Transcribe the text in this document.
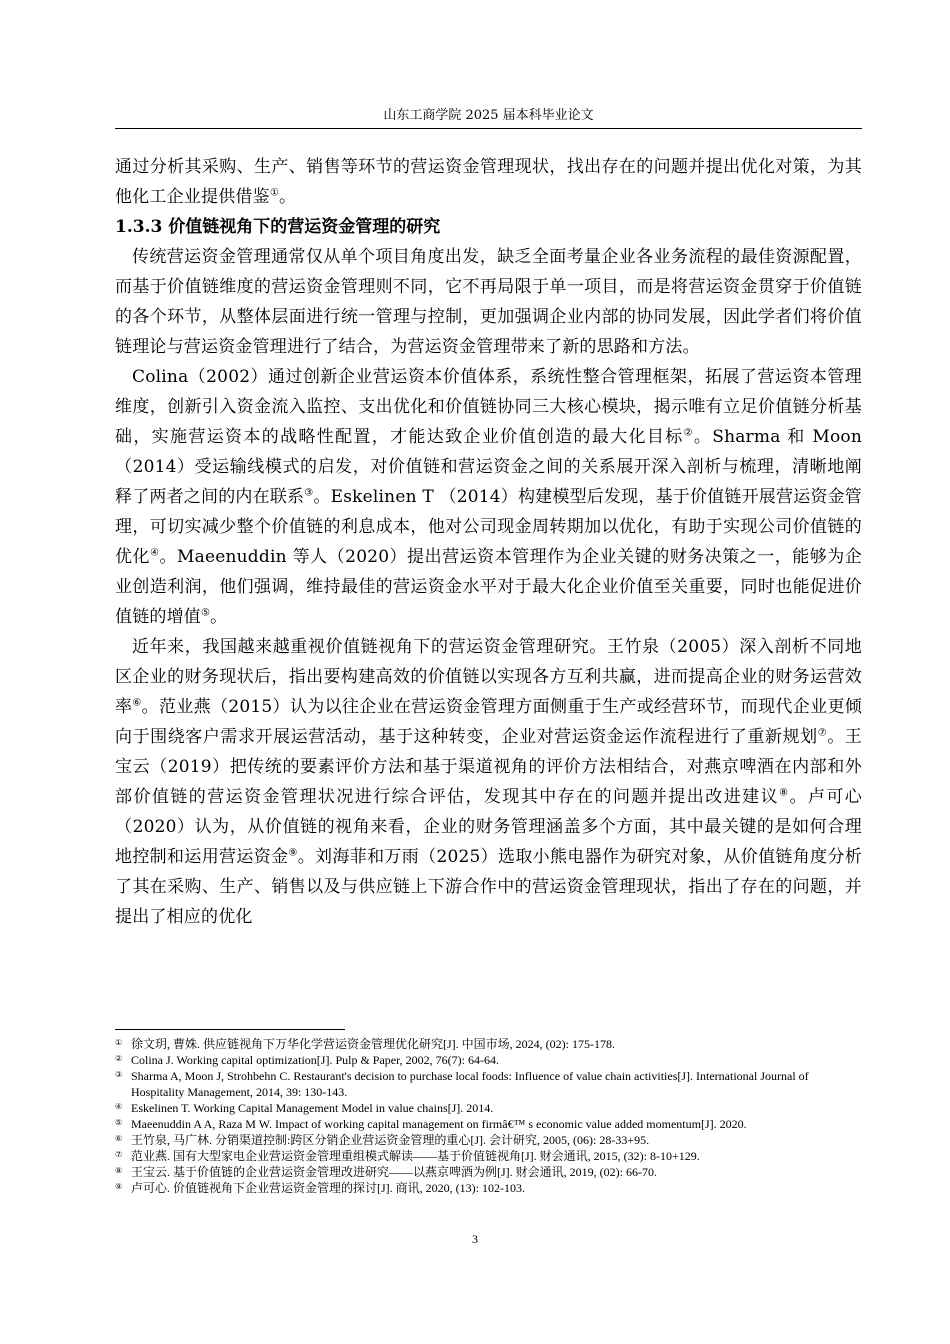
山东工商学院 2025 届本科毕业论文

通过分析其采购、生产、销售等环节的营运资金管理现状，找出存在的问题并提出优化对策，为其他化工企业提供借鉴①。

1.3.3 价值链视角下的营运资金管理的研究

传统营运资金管理通常仅从单个项目角度出发，缺乏全面考量企业各业务流程的最佳资源配置，而基于价值链维度的营运资金管理则不同，它不再局限于单一项目，而是将营运资金贯穿于价值链的各个环节，从整体层面进行统一管理与控制，更加强调企业内部的协同发展，因此学者们将价值链理论与营运资金管理进行了结合，为营运资金管理带来了新的思路和方法。

Colina（2002）通过创新企业营运资本价值体系，系统性整合管理框架，拓展了营运资本管理维度，创新引入资金流入监控、支出优化和价值链协同三大核心模块，揭示唯有立足价值链分析基础，实施营运资本的战略性配置，才能达致企业价值创造的最大化目标②。Sharma 和 Moon（2014）受运输线模式的启发，对价值链和营运资金之间的关系展开深入剖析与梳理，清晰地阐释了两者之间的内在联系③。Eskelinen T （2014）构建模型后发现，基于价值链开展营运资金管理，可切实减少整个价值链的利息成本，他对公司现金周转期加以优化，有助于实现公司价值链的优化④。Maeenuddin 等人（2020）提出营运资本管理作为企业关键的财务决策之一，能够为企业创造利润，他们强调，维持最佳的营运资金水平对于最大化企业价值至关重要，同时也能促进价值链的增值⑤。

近年来，我国越来越重视价值链视角下的营运资金管理研究。王竹泉（2005）深入剖析不同地区企业的财务现状后，指出要构建高效的价值链以实现各方互利共赢，进而提高企业的财务运营效率⑥。范业燕（2015）认为以往企业在营运资金管理方面侧重于生产或经营环节，而现代企业更倾向于围绕客户需求开展运营活动，基于这种转变，企业对营运资金运作流程进行了重新规划⑦。王宝云（2019）把传统的要素评价方法和基于渠道视角的评价方法相结合，对燕京啤酒在内部和外部价值链的营运资金管理状况进行综合评估，发现其中存在的问题并提出改进建议⑧。卢可心（2020）认为，从价值链的视角来看，企业的财务管理涵盖多个方面，其中最关键的是如何合理地控制和运用营运资金⑨。刘海菲和万雨（2025）选取小熊电器作为研究对象，从价值链角度分析了其在采购、生产、销售以及与供应链上下游合作中的营运资金管理现状，指出了存在的问题，并提出了相应的优化

① 徐文玥, 曹姝. 供应链视角下万华化学营运资金管理优化研究[J]. 中国市场, 2024, (02): 175-178.

② Colina J. Working capital optimization[J]. Pulp & Paper, 2002, 76(7): 64-64.

③ Sharma A, Moon J, Strohbehn C. Restaurant's decision to purchase local foods: Influence of value chain activities[J]. International Journal of Hospitality Management, 2014, 39: 130-143.

④ Eskelinen T. Working Capital Management Model in value chains[J]. 2014.

⑤ Maeenuddin A A, Raza M W. Impact of working capital management on firmâ€™ s economic value added momentum[J]. 2020.

⑥ 王竹泉, 马广林. 分销渠道控制:跨区分销企业营运资金管理的重心[J]. 会计研究, 2005, (06): 28-33+95.

⑦ 范业燕. 国有大型家电企业营运资金管理重组模式解读——基于价值链视角[J]. 财会通讯, 2015, (32): 8-10+129.

⑧ 王宝云. 基于价值链的企业营运资金管理改进研究——以燕京啤酒为例[J]. 财会通讯, 2019, (02): 66-70.

⑨ 卢可心. 价值链视角下企业营运资金管理的探讨[J]. 商讯, 2020, (13): 102-103.

3
